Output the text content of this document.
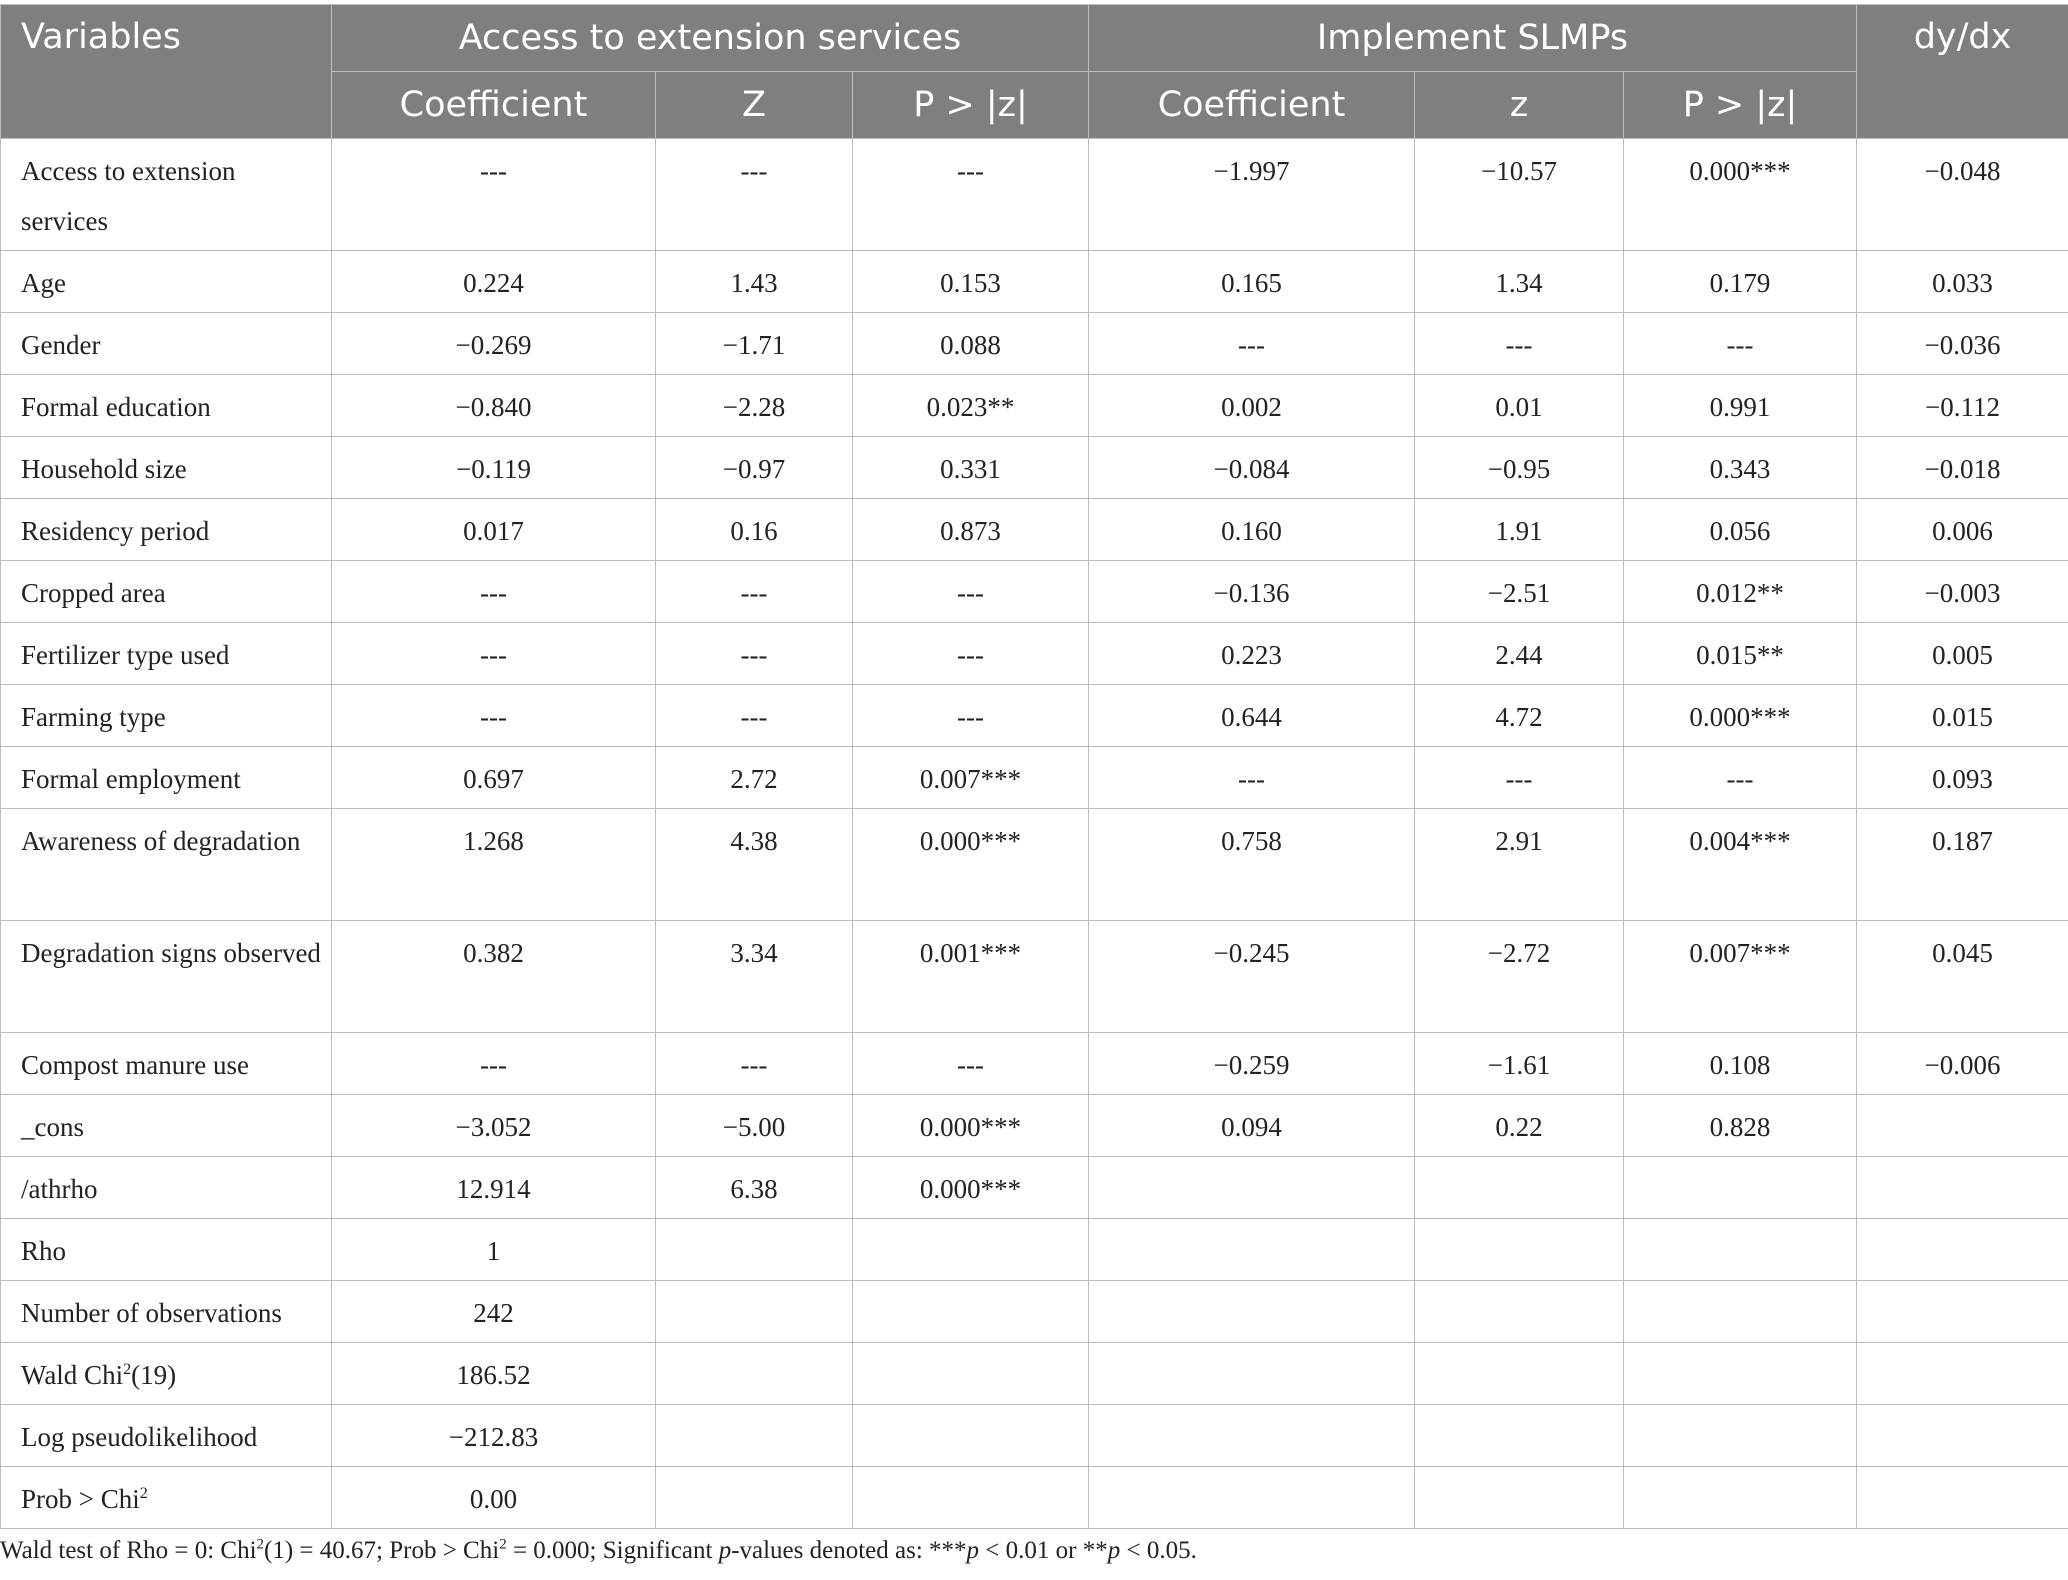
Variables	Access to extension services			Implement SLMPs			dy/dx
	Coefficient	Z	P > |z|	Coefficient	z	P > |z|	
Access to extension services	---	---	---	−1.997	−10.57	0.000***	−0.048
Age	0.224	1.43	0.153	0.165	1.34	0.179	0.033
Gender	−0.269	−1.71	0.088	---	---	---	−0.036
Formal education	−0.840	−2.28	0.023**	0.002	0.01	0.991	−0.112
Household size	−0.119	−0.97	0.331	−0.084	−0.95	0.343	−0.018
Residency period	0.017	0.16	0.873	0.160	1.91	0.056	0.006
Cropped area	---	---	---	−0.136	−2.51	0.012**	−0.003
Fertilizer type used	---	---	---	0.223	2.44	0.015**	0.005
Farming type	---	---	---	0.644	4.72	0.000***	0.015
Formal employment	0.697	2.72	0.007***	---	---	---	0.093
Awareness of degradation	1.268	4.38	0.000***	0.758	2.91	0.004***	0.187
Degradation signs observed	0.382	3.34	0.001***	−0.245	−2.72	0.007***	0.045
Compost manure use	---	---	---	−0.259	−1.61	0.108	−0.006
_cons	−3.052	−5.00	0.000***	0.094	0.22	0.828	
/athrho	12.914	6.38	0.000***				
Rho	1						
Number of observations	242						
Wald Chi$^2$(19)	186.52						
Log pseudolikelihood	−212.83						
Prob > Chi$^2$	0.00						
Wald test of Rho = 0: Chi$^2$(1) = 40.67; Prob > Chi$^2$ = 0.000; Significant p-values denoted as: ***p < 0.01 or **p < 0.05.
